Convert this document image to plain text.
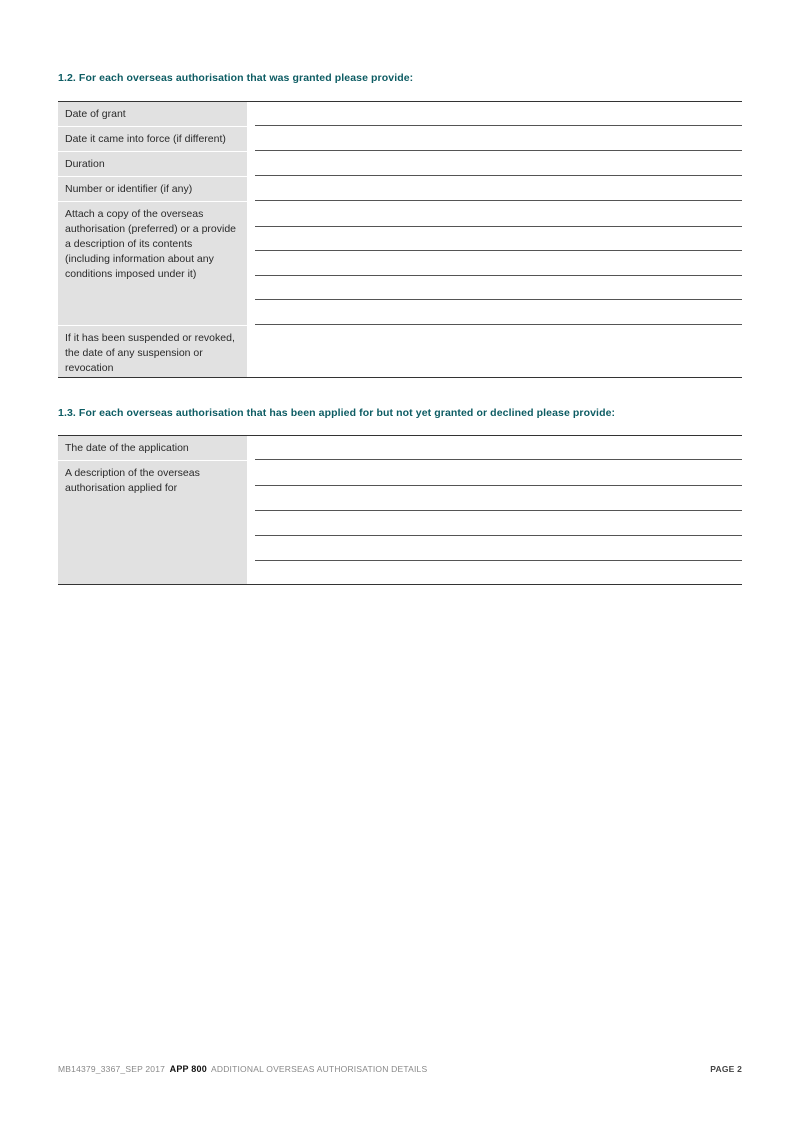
1.2. For each overseas authorisation that was granted please provide:
Date of grant
Date it came into force (if different)
Duration
Number or identifier (if any)
Attach a copy of the overseas authorisation (preferred) or a provide a description of its contents (including information about any conditions imposed under it)
If it has been suspended or revoked, the date of any suspension or revocation
1.3. For each overseas authorisation that has been applied for but not yet granted or declined please provide:
The date of the application
A description of the overseas authorisation applied for
MB14379_3367_SEP 2017 APP 800 ADDITIONAL OVERSEAS AUTHORISATION DETAILS	PAGE 2
